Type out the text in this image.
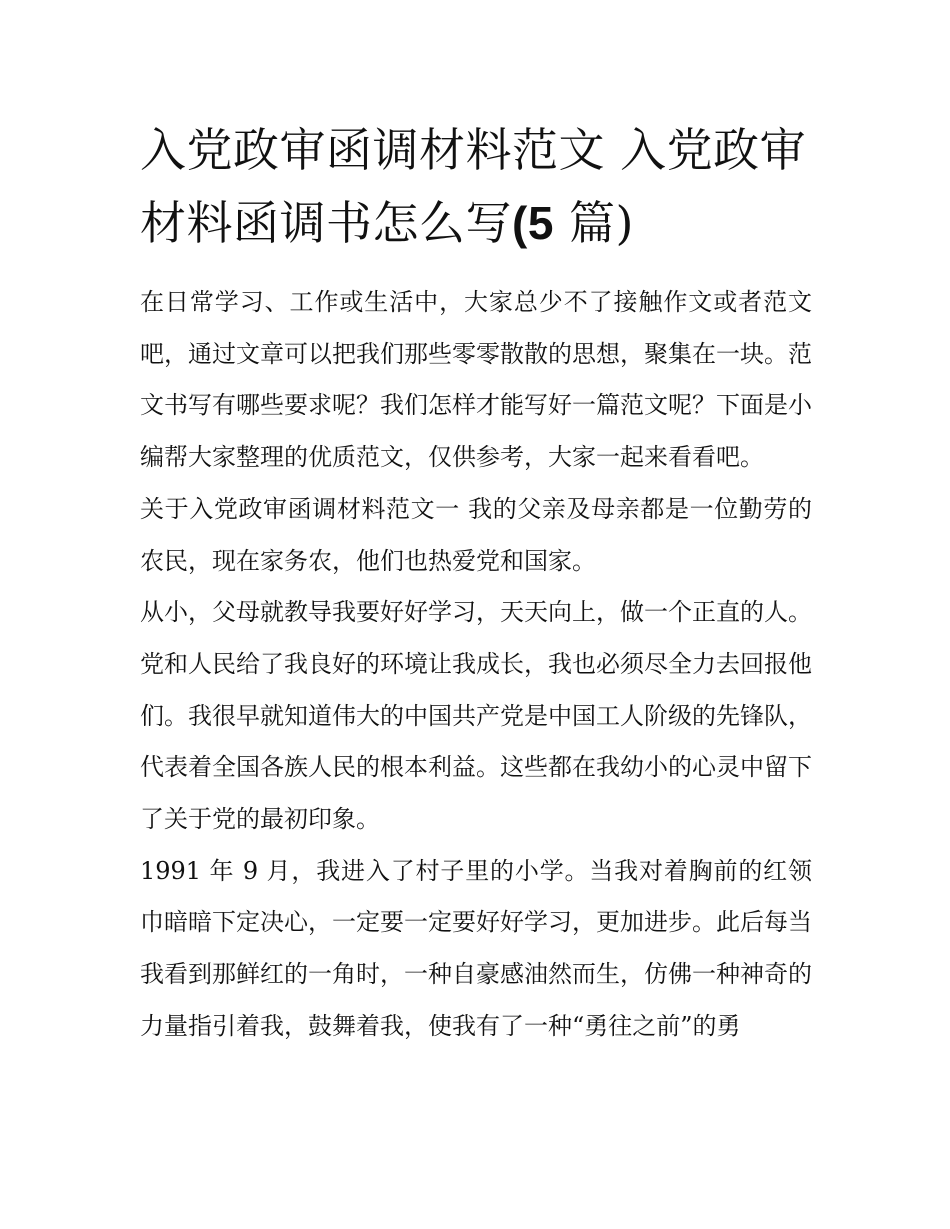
入党政审函调材料范文 入党政审材料函调书怎么写(5 篇)

在日常学习、工作或生活中，大家总少不了接触作文或者范文吧，通过文章可以把我们那些零零散散的思想，聚集在一块。范文书写有哪些要求呢？我们怎样才能写好一篇范文呢？下面是小编帮大家整理的优质范文，仅供参考，大家一起来看看吧。

关于入党政审函调材料范文一 我的父亲及母亲都是一位勤劳的农民，现在家务农，他们也热爱党和国家。

从小，父母就教导我要好好学习，天天向上，做一个正直的人。党和人民给了我良好的环境让我成长，我也必须尽全力去回报他们。我很早就知道伟大的中国共产党是中国工人阶级的先锋队，代表着全国各族人民的根本利益。这些都在我幼小的心灵中留下了关于党的最初印象。

1991 年 9 月，我进入了村子里的小学。当我对着胸前的红领巾暗暗下定决心，一定要一定要好好学习，更加进步。此后每当我看到那鲜红的一角时，一种自豪感油然而生，仿佛一种神奇的力量指引着我，鼓舞着我，使我有了一种“勇往之前”的勇
